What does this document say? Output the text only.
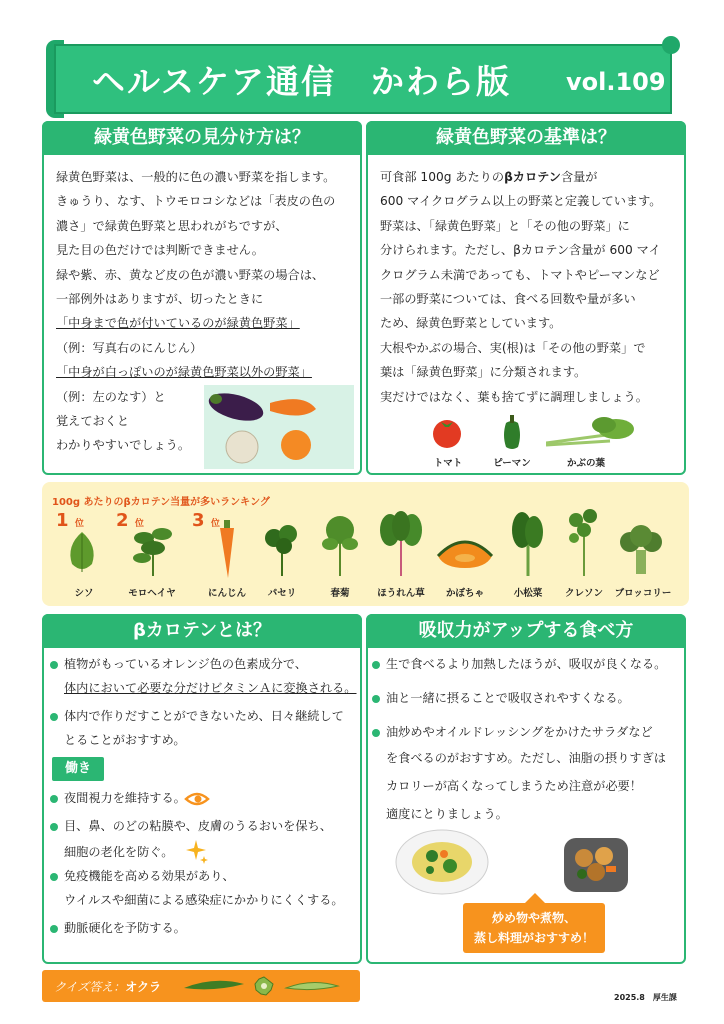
ヘルスケア通信　かわら版 vol.109
緑黄色野菜の見分け方は？

緑黄色野菜は、一般的に色の濃い野菜を指します。

きゅうり、なす、トウモロコシなどは「表皮の色の

濃さ」で緑黄色野菜と思われがちですが、

見た目の色だけでは判断できません。

緑や紫、赤、黄など皮の色が濃い野菜の場合は、

一部例外はありますが、切ったときに

「中身まで色が付いているのが緑黄色野菜」

（例：写真右のにんじん）

「中身が白っぽいのが緑黄色野菜以外の野菜」

（例：左のなす）と

覚えておくと

わかりやすいでしょう。

緑黄色野菜の基準は？

可食部 100g あたりのβカロテン含量が

600 マイクログラム以上の野菜と定義しています。

野菜は、「緑黄色野菜」と「その他の野菜」に

分けられます。ただし、βカロテン含量が 600 マイ

クログラム未満であっても、トマトやピーマンなど

一部の野菜については、食べる回数や量が多い

ため、緑黄色野菜としています。

大根やかぶの場合、実(根)は「その他の野菜」で

葉は「緑黄色野菜」に分類されます。

実だけではなく、葉も捨てずに調理しましょう。

トマト	ピーマン	かぶの葉
100g あたりのβカロテン当量が多いランキング
1 位 2 位	3 位
シソ	モロヘイヤ	にんじん	パセリ	春菊	ほうれん草	かぼちゃ	小松菜	クレソン	ブロッコリー
βカロテンとは？
植物がもっているオレンジ色の色素成分で、
体内において必要な分だけビタミンＡに変換される。
体内で作りだすことができないため、日々継続して
とることがおすすめ。
働き
夜間視力を維持する。
目、鼻、のどの粘膜や、皮膚のうるおいを保ち、
細胞の老化を防ぐ。
免疫機能を高める効果があり、
ウイルスや細菌による感染症にかかりにくくする。
動脈硬化を予防する。
吸収力がアップする食べ方
生で食べるより加熱したほうが、吸収が良くなる。
油と一緒に摂ることで吸収されやすくなる。
油炒めやオイルドレッシングをかけたサラダなど
を食べるのがおすすめ。ただし、油脂の摂りすぎは
カロリーが高くなってしまうため注意が必要！
適度にとりましょう。
炒め物や煮物、
蒸し料理がおすすめ！
クイズ答え：オクラ
2025.8　厚生課
